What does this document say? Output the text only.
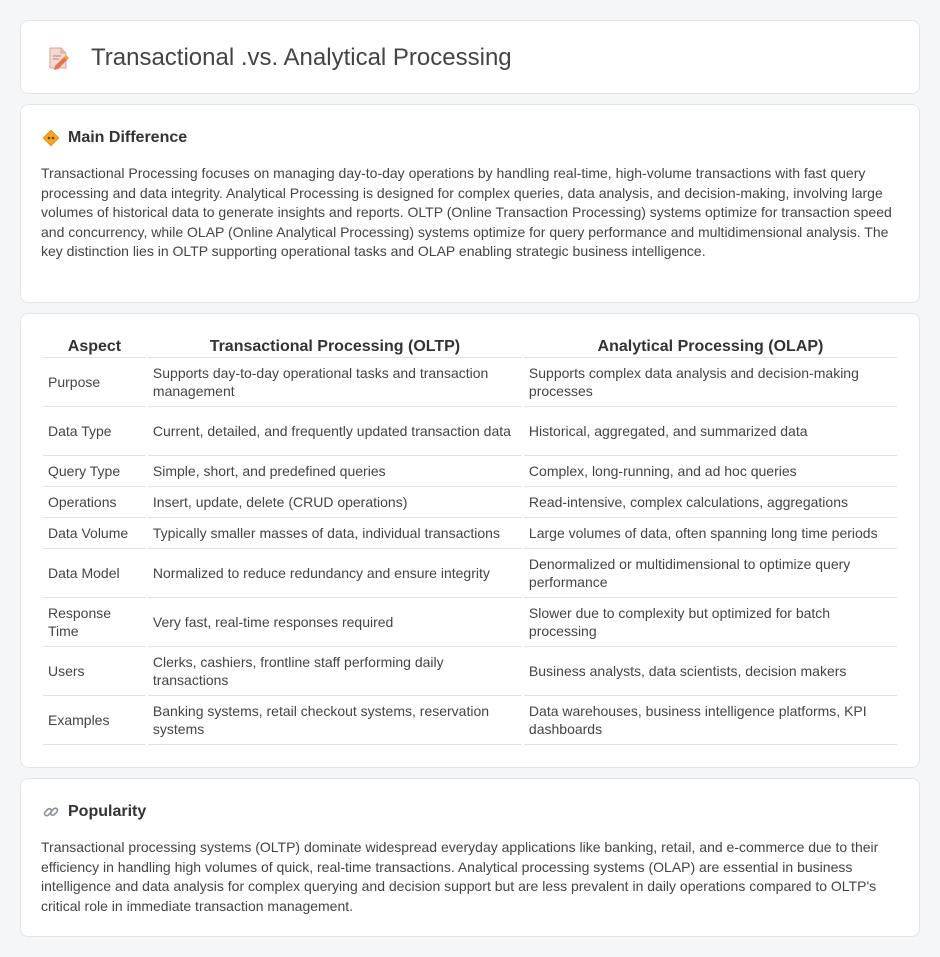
Transactional .vs. Analytical Processing
Main Difference

Transactional Processing focuses on managing day-to-day operations by handling real-time, high-volume transactions with fast query processing and data integrity. Analytical Processing is designed for complex queries, data analysis, and decision-making, involving large volumes of historical data to generate insights and reports. OLTP (Online Transaction Processing) systems optimize for transaction speed and concurrency, while OLAP (Online Analytical Processing) systems optimize for query performance and multidimensional analysis. The key distinction lies in OLTP supporting operational tasks and OLAP enabling strategic business intelligence.

Aspect	Transactional Processing (OLTP)	Analytical Processing (OLAP)
Purpose	Supports day-to-day operational tasks and transaction management	Supports complex data analysis and decision-making processes
Data Type	Current, detailed, and frequently updated transaction data	Historical, aggregated, and summarized data
Query Type	Simple, short, and predefined queries	Complex, long-running, and ad hoc queries
Operations	Insert, update, delete (CRUD operations)	Read-intensive, complex calculations, aggregations
Data Volume	Typically smaller masses of data, individual transactions	Large volumes of data, often spanning long time periods
Data Model	Normalized to reduce redundancy and ensure integrity	Denormalized or multidimensional to optimize query performance
Response Time	Very fast, real-time responses required	Slower due to complexity but optimized for batch processing
Users	Clerks, cashiers, frontline staff performing daily transactions	Business analysts, data scientists, decision makers
Examples	Banking systems, retail checkout systems, reservation systems	Data warehouses, business intelligence platforms, KPI dashboards
Popularity

Transactional processing systems (OLTP) dominate widespread everyday applications like banking, retail, and e-commerce due to their efficiency in handling high volumes of quick, real-time transactions. Analytical processing systems (OLAP) are essential in business intelligence and data analysis for complex querying and decision support but are less prevalent in daily operations compared to OLTP's critical role in immediate transaction management.
